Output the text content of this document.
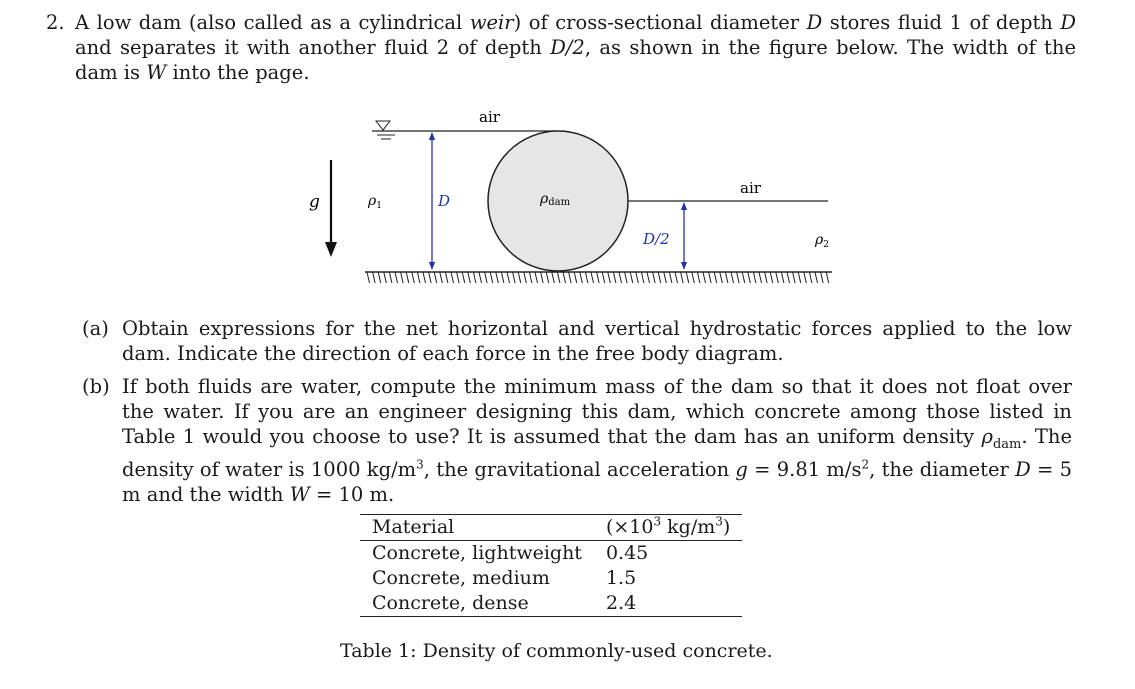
2. A low dam (also called as a cylindrical weir) of cross-sectional diameter D stores fluid 1 of depth D and separates it with another fluid 2 of depth D/2, as shown in the figure below. The width of the dam is W into the page.
g
air
air
$\rho_1$	D	ρdam
D/2	$\rho_2$
(a) Obtain expressions for the net horizontal and vertical hydrostatic forces applied to the low dam. Indicate the direction of each force in the free body diagram.
(b) If both fluids are water, compute the minimum mass of the dam so that it does not float over the water. If you are an engineer designing this dam, which concrete among those listed in Table 1 would you choose to use? It is assumed that the dam has an uniform density $\rho_{dam}$. The density of water is 1000 $kg/m^3$, the gravitational acceleration g = 9.81 $m/s^2$, the diameter D = 5 m and the width W = 10 m.
Material	($\times 10^3$ $kg/m^3$)
Concrete, lightweight	0.45
Concrete, medium	1.5
Concrete, dense	2.4
Table 1: Density of commonly-used concrete.
